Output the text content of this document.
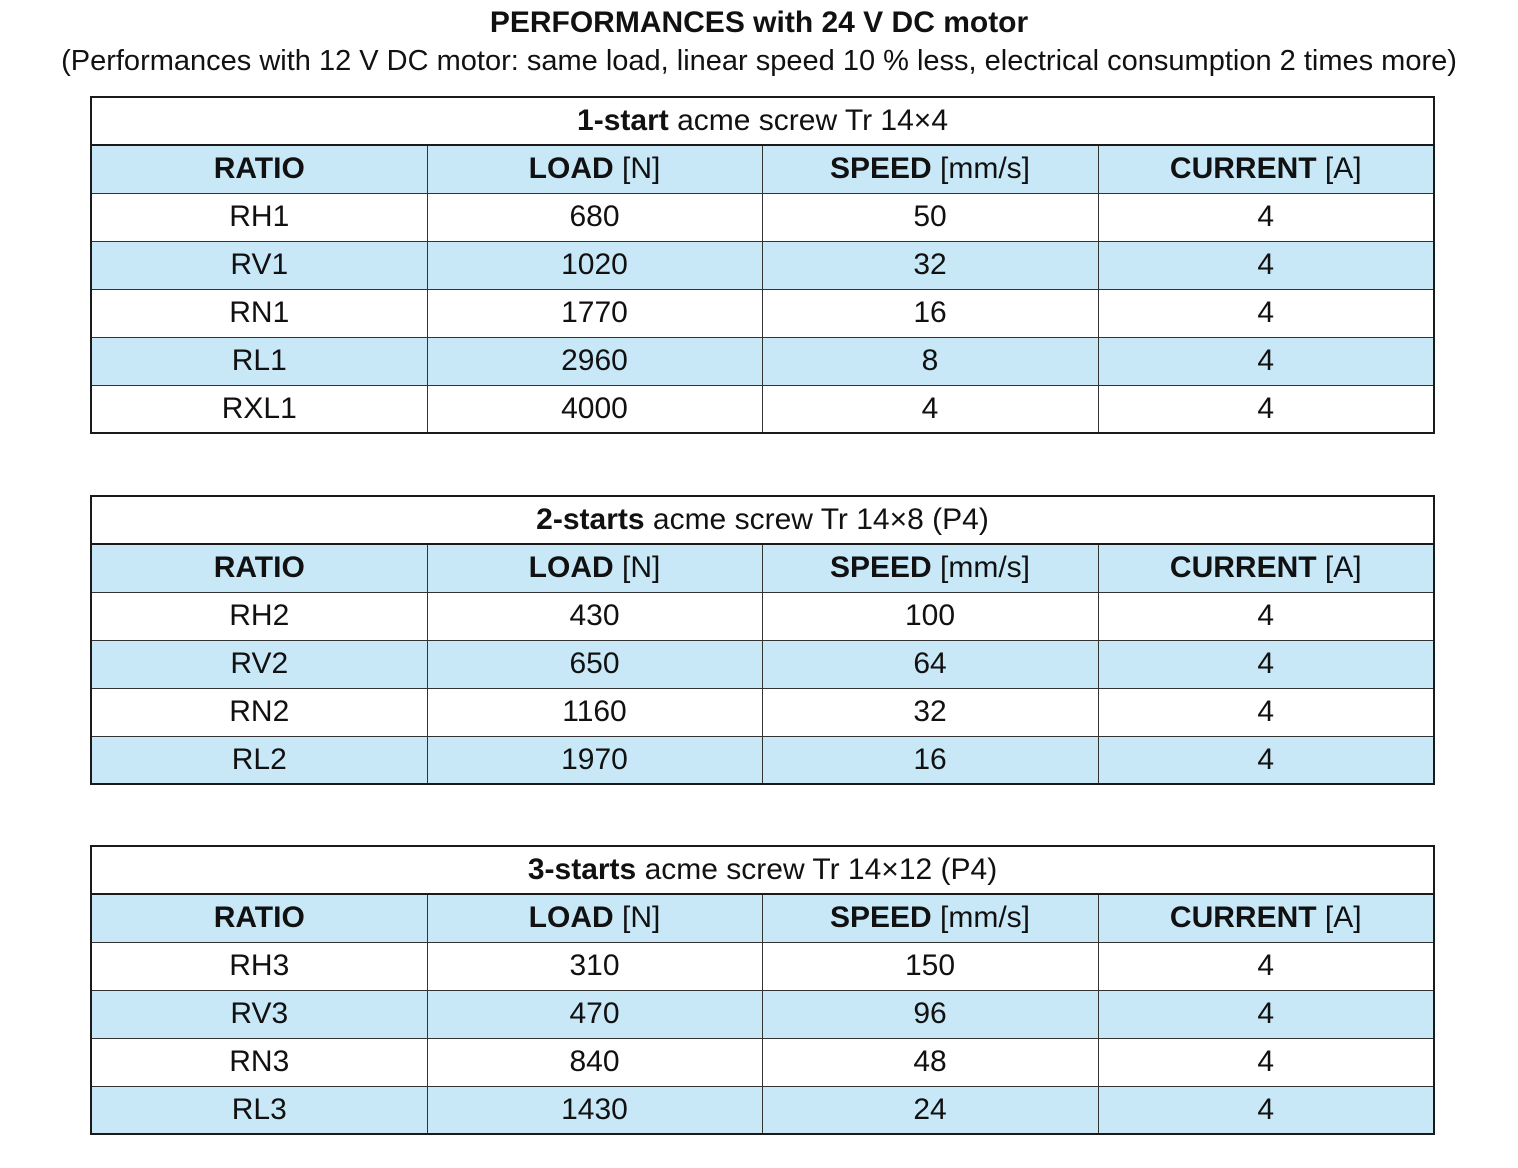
PERFORMANCES with 24 V DC motor
(Performances with 12 V DC motor: same load, linear speed 10 % less, electrical consumption 2 times more)
1-start acme screw Tr 14×4			
RATIO	LOAD [N]	SPEED [mm/s]	CURRENT [A]
RH1	680	50	4
RV1	1020	32	4
RN1	1770	16	4
RL1	2960	8	4
RXL1	4000	4	4
2-starts acme screw Tr 14×8 (P4)			
RATIO	LOAD [N]	SPEED [mm/s]	CURRENT [A]
RH2	430	100	4
RV2	650	64	4
RN2	1160	32	4
RL2	1970	16	4
3-starts acme screw Tr 14×12 (P4)			
RATIO	LOAD [N]	SPEED [mm/s]	CURRENT [A]
RH3	310	150	4
RV3	470	96	4
RN3	840	48	4
RL3	1430	24	4
